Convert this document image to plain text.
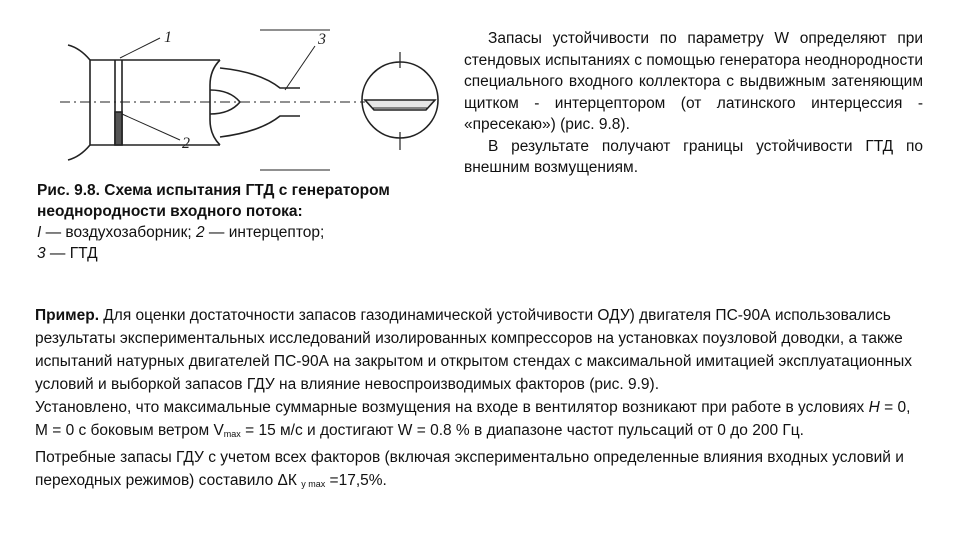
1
2
3
Рис. 9.8. Схема испытания ГТД с генератором неоднородности входного потока:
I — воздухозаборник; 2 — интерцептор;
3 — ГТД

Запасы устойчивости по параметру W определяют при стендовых испытаниях с помощью генератора неоднородности специального входного коллектора с выдвижным затеняющим щитком - интерцептором (от латинского интерцессия - «пресекаю») (рис. 9.8).

В результате получают границы устойчивости ГТД по внешним возмущениям.

Пример. Для оценки достаточности запасов газодинамической устойчивости ОДУ) двигателя ПС-90А использовались результаты экспериментальных исследований изолированных компрессоров на установках поузловой доводки, а также испытаний натурных двигателей ПС-90А на закрытом и открытом стендах с максимальной имитацией эксплуатационных условий и выборкой запасов ГДУ на влияние невоспроизводимых факторов (рис. 9.9).

Установлено, что максимальные суммарные возмущения на входе в вентилятор возникают при работе в условиях H = 0, М = 0 с боковым ветром $V_{max} = 15$ м/с и достигают W = 0.8 % в диапазоне частот пульсаций от 0 до 200 Гц.

Потребные запасы ГДУ с учетом всех факторов (включая экспериментально определенные влияния входных условий и переходных режимов) составило ΔК $_{у max}$ =17,5%.
